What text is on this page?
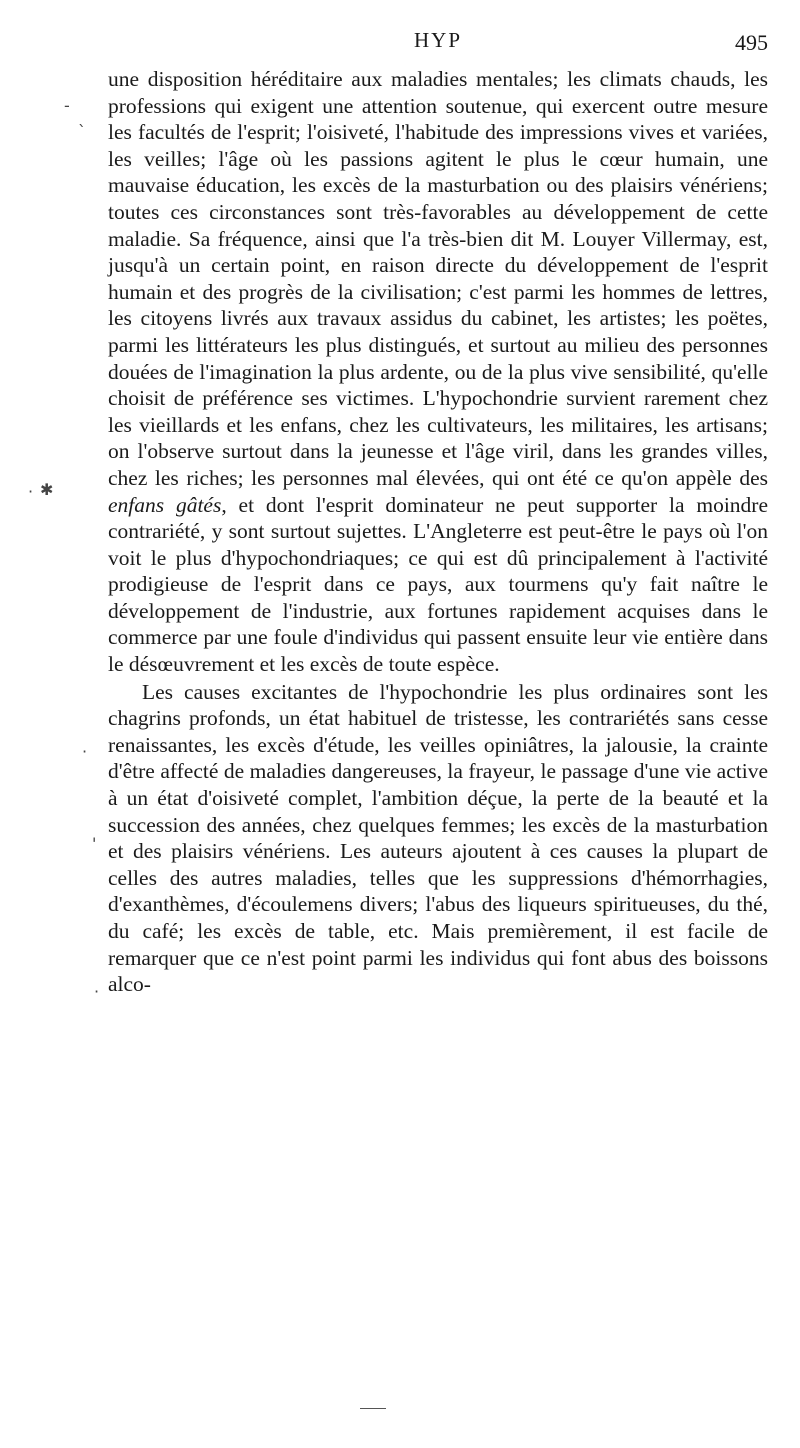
HYP	495
-
`
· ✱
·
'
·

une disposition héréditaire aux maladies mentales; les climats chauds, les professions qui exigent une attention soutenue, qui exercent outre mesure les facultés de l'esprit; l'oisiveté, l'habitude des impressions vives et variées, les veilles; l'âge où les passions agitent le plus le cœur humain, une mauvaise éducation, les excès de la masturbation ou des plaisirs vénériens; toutes ces circonstances sont très-favorables au développement de cette maladie. Sa fréquence, ainsi que l'a très-bien dit M. Louyer Villermay, est, jusqu'à un certain point, en raison directe du développement de l'esprit humain et des progrès de la civilisation; c'est parmi les hommes de lettres, les citoyens livrés aux travaux assidus du cabinet, les artistes; les poëtes, parmi les littérateurs les plus distingués, et surtout au milieu des personnes douées de l'imagination la plus ardente, ou de la plus vive sensibilité, qu'elle choisit de préférence ses victimes. L'hypochondrie survient rarement chez les vieillards et les enfans, chez les cultivateurs, les militaires, les artisans; on l'observe surtout dans la jeunesse et l'âge viril, dans les grandes villes, chez les riches; les personnes mal élevées, qui ont été ce qu'on appèle des enfans gâtés, et dont l'esprit dominateur ne peut supporter la moindre contrariété, y sont surtout sujettes. L'Angleterre est peut-être le pays où l'on voit le plus d'hypochondriaques; ce qui est dû principalement à l'activité prodigieuse de l'esprit dans ce pays, aux tourmens qu'y fait naître le développement de l'industrie, aux fortunes rapidement acquises dans le commerce par une foule d'individus qui passent ensuite leur vie entière dans le désœuvrement et les excès de toute espèce.

Les causes excitantes de l'hypochondrie les plus ordinaires sont les chagrins profonds, un état habituel de tristesse, les contrariétés sans cesse renaissantes, les excès d'étude, les veilles opiniâtres, la jalousie, la crainte d'être affecté de maladies dangereuses, la frayeur, le passage d'une vie active à un état d'oisiveté complet, l'ambition déçue, la perte de la beauté et la succession des années, chez quelques femmes; les excès de la masturbation et des plaisirs vénériens. Les auteurs ajoutent à ces causes la plupart de celles des autres maladies, telles que les suppressions d'hémorrhagies, d'exanthèmes, d'écoulemens divers; l'abus des liqueurs spiritueuses, du thé, du café; les excès de table, etc. Mais premièrement, il est facile de remarquer que ce n'est point parmi les individus qui font abus des boissons alco-
